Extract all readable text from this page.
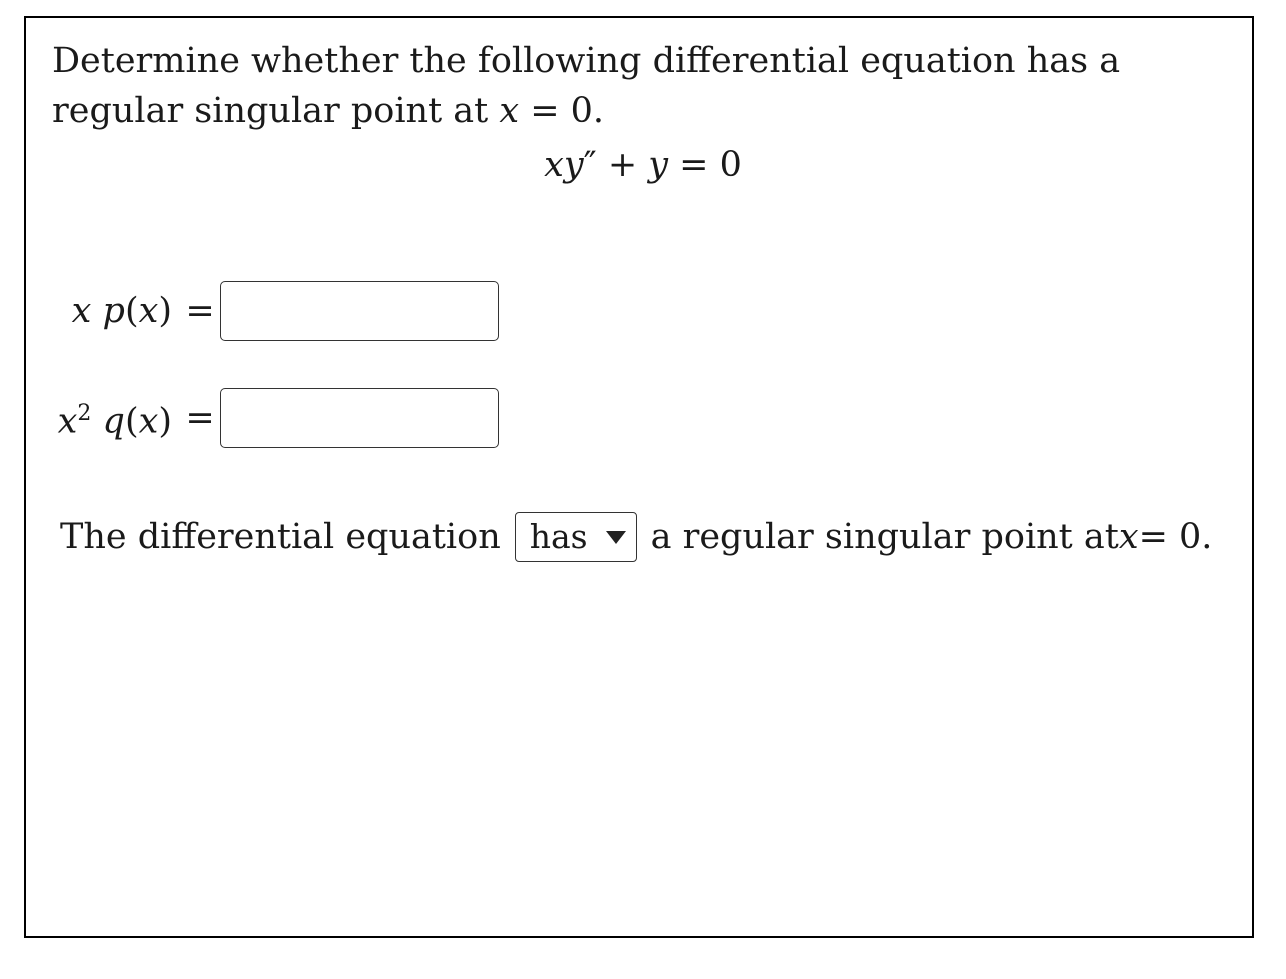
Determine whether the following differential equation has a regular singular point at x = 0.

xy″ + y = 0
x p(x) =
$x^2$ q(x) =
The differential equation has	a regular singular point at x = 0.
